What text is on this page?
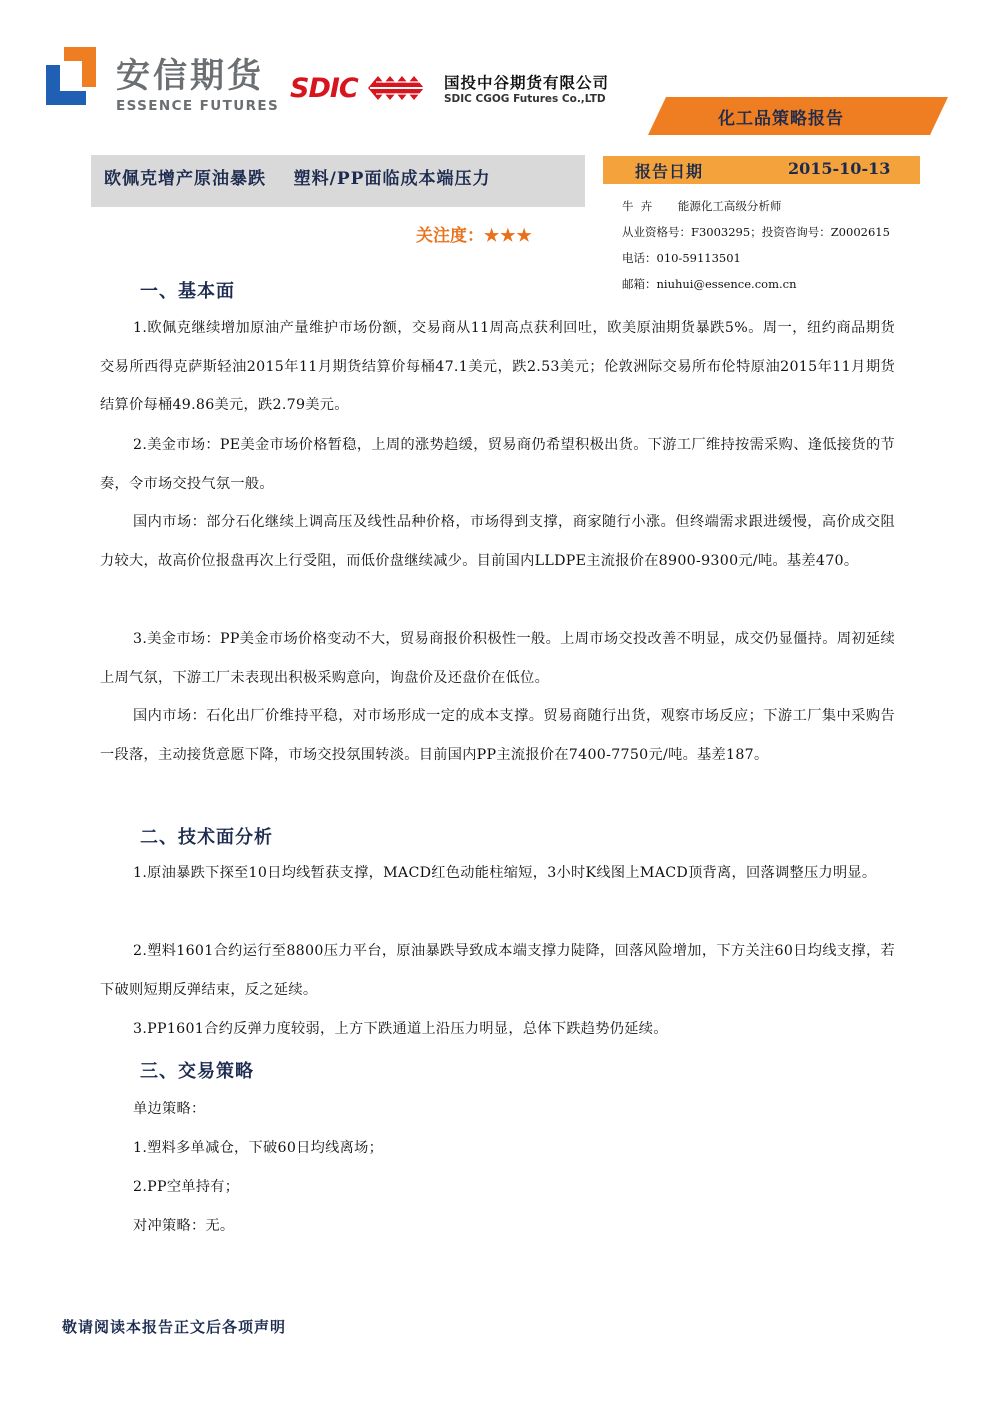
安信期货
ESSENCE FUTURES
SDIC	国投中谷期货有限公司
SDIC CGOG Futures Co.,LTD
化工品策略报告
欧佩克增产原油暴跌    塑料/PP面临成本端压力
关注度：★★★
报告日期	2015-10-13
牛  卉       能源化工高级分析师
从业资格号：F3003295；投资咨询号：Z0002615
电话：010-59113501
邮箱：niuhui@essence.com.cn
一、基本面
1.欧佩克继续增加原油产量维护市场份额，交易商从11周高点获利回吐，欧美原油期货暴跌5%。周一，纽约商品期货交易所西得克萨斯轻油2015年11月期货结算价每桶47.1美元，跌2.53美元；伦敦洲际交易所布伦特原油2015年11月期货结算价每桶49.86美元，跌2.79美元。
2.美金市场：PE美金市场价格暂稳，上周的涨势趋缓，贸易商仍希望积极出货。下游工厂维持按需采购、逢低接货的节奏，令市场交投气氛一般。
国内市场：部分石化继续上调高压及线性品种价格，市场得到支撑，商家随行小涨。但终端需求跟进缓慢，高价成交阻力较大，故高价位报盘再次上行受阻，而低价盘继续减少。目前国内LLDPE主流报价在8900-9300元/吨。基差470。
3.美金市场：PP美金市场价格变动不大，贸易商报价积极性一般。上周市场交投改善不明显，成交仍显僵持。周初延续上周气氛，下游工厂未表现出积极采购意向，询盘价及还盘价在低位。
国内市场：石化出厂价维持平稳，对市场形成一定的成本支撑。贸易商随行出货，观察市场反应；下游工厂集中采购告一段落，主动接货意愿下降，市场交投氛围转淡。目前国内PP主流报价在7400-7750元/吨。基差187。
二、技术面分析
1.原油暴跌下探至10日均线暂获支撑，MACD红色动能柱缩短，3小时K线图上MACD顶背离，回落调整压力明显。
2.塑料1601合约运行至8800压力平台，原油暴跌导致成本端支撑力陡降，回落风险增加，下方关注60日均线支撑，若下破则短期反弹结束，反之延续。
3.PP1601合约反弹力度较弱，上方下跌通道上沿压力明显，总体下跌趋势仍延续。
三、交易策略
单边策略：
1.塑料多单减仓，下破60日均线离场；
2.PP空单持有；
对冲策略：无。
敬请阅读本报告正文后各项声明
